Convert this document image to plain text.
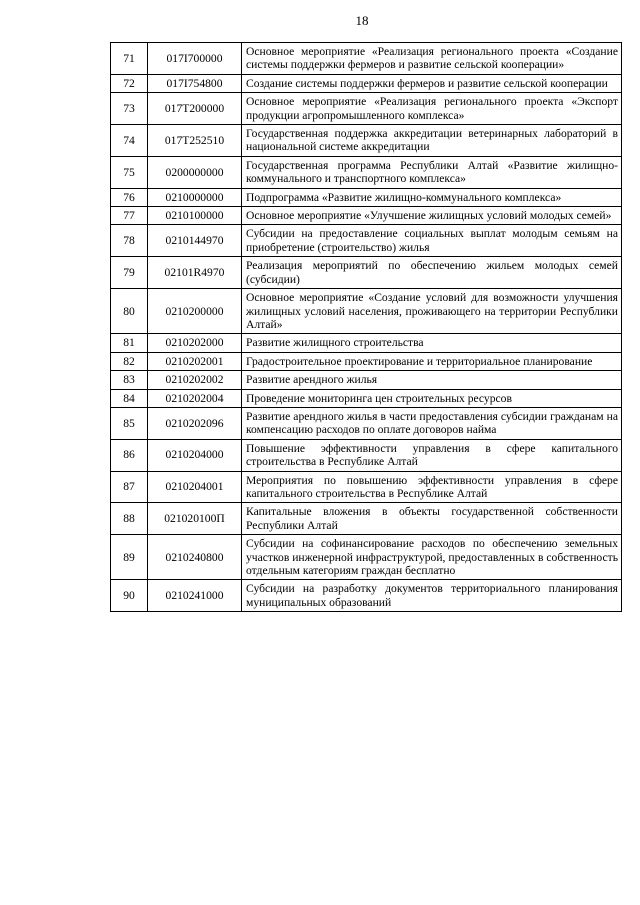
18
71	017I700000	Основное мероприятие «Реализация регионального проекта «Создание системы поддержки фермеров и развитие сельской кооперации»
72	017I754800	Создание системы поддержки фермеров и развитие сельской кооперации
73	017T200000	Основное мероприятие «Реализация регионального проекта «Экспорт продукции агропромышленного комплекса»
74	017T252510	Государственная поддержка аккредитации ветеринарных лабораторий в национальной системе аккредитации
75	0200000000	Государственная программа Республики Алтай «Развитие жилищно-коммунального и транспортного комплекса»
76	0210000000	Подпрограмма «Развитие жилищно-коммунального комплекса»
77	0210100000	Основное мероприятие «Улучшение жилищных условий молодых семей»
78	0210144970	Субсидии на предоставление социальных выплат молодым семьям на приобретение (строительство) жилья
79	02101R4970	Реализация мероприятий по обеспечению жильем молодых семей (субсидии)
80	0210200000	Основное мероприятие «Создание условий для возможности улучшения жилищных условий населения, проживающего на территории Республики Алтай»
81	0210202000	Развитие жилищного строительства
82	0210202001	Градостроительное проектирование и территориальное планирование
83	0210202002	Развитие арендного жилья
84	0210202004	Проведение мониторинга цен строительных ресурсов
85	0210202096	Развитие арендного жилья в части предоставления субсидии гражданам на компенсацию расходов по оплате договоров найма
86	0210204000	Повышение эффективности управления в сфере капитального строительства в Республике Алтай
87	0210204001	Мероприятия по повышению эффективности управления в сфере капитального строительства в Республике Алтай
88	021020100П	Капитальные вложения в объекты государственной собственности Республики Алтай
89	0210240800	Субсидии на софинансирование расходов по обеспечению земельных участков инженерной инфраструктурой, предоставленных в собственность отдельным категориям граждан бесплатно
90	0210241000	Субсидии на разработку документов территориального планирования муниципальных образований
